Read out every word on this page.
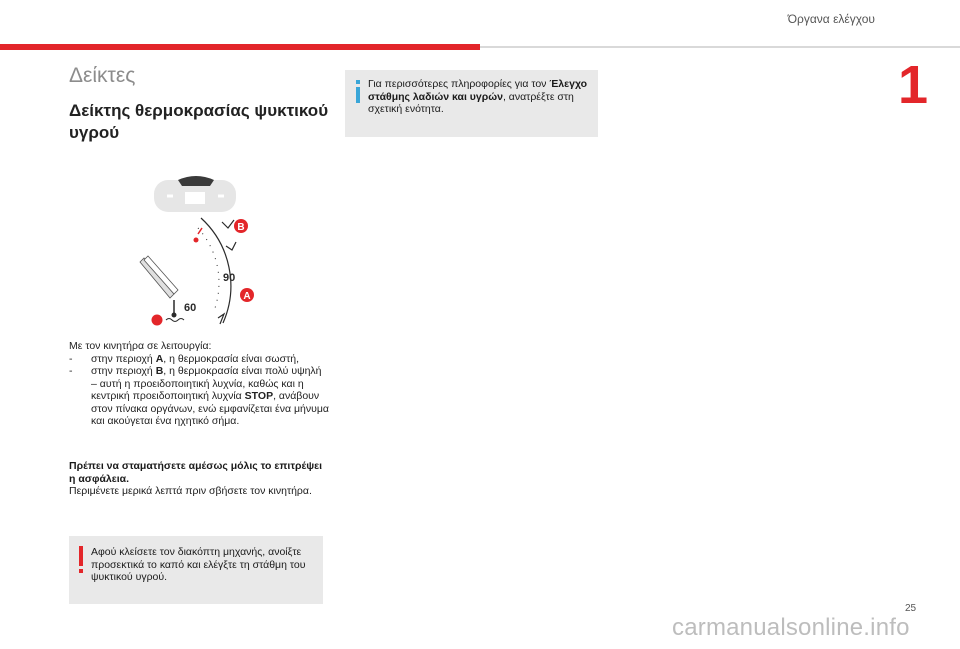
Όργανα ελέγχου
1
Δείκτες
Δείκτης θερμοκρασίας ψυκτικού υγρού
B
A
90
60
Με τον κινητήρα σε λειτουργία:
-	στην περιοχή A, η θερμοκρασία είναι σωστή,
-	στην περιοχή B, η θερμοκρασία είναι πολύ υψηλή
– αυτή η προειδοποιητική λυχνία, καθώς και η
κεντρική προειδοποιητική λυχνία STOP, ανάβουν
στον πίνακα οργάνων, ενώ εμφανίζεται ένα μήνυμα
και ακούγεται ένα ηχητικό σήμα.
Πρέπει να σταματήσετε αμέσως μόλις το επιτρέψει
η ασφάλεια.
Περιμένετε μερικά λεπτά πριν σβήσετε τον κινητήρα.
Αφού κλείσετε τον διακόπτη μηχανής, ανοίξτε
προσεκτικά το καπό και ελέγξτε τη στάθμη του
ψυκτικού υγρού.
Για περισσότερες πληροφορίες για τον Έλεγχο
στάθμης λαδιών και υγρών, ανατρέξτε στη
σχετική ενότητα.
25
carmanualsonline.info
